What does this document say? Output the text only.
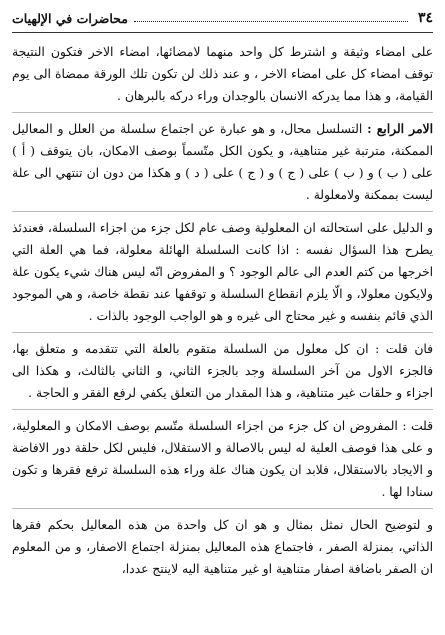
٣٤
محاضرات في الإلهيات

على امضاء وثيقة و اشترط كل واحد منهما لامضائها، امضاء الاخر فتكون النتيجة توقف امضاء كل على امضاء الاخر ، و عند ذلك لن تكون تلك الورقة ممضاة الى يوم القيامة، و هذا مما يدركه الانسان بالوجدان وراء دركه بالبرهان .

الامر الرابع : التسلسل محال، و هو عبارة عن اجتماع سلسلة من العلل و المعاليل الممكنة، مترتبة غير متناهية، و يكون الكل متّسماً بوصف الامكان، بان يتوقف ( أ ) على ( ب ) و ( ب ) على ( ج ) و ( ج ) على ( د ) و هكذا من دون ان تنتهي الى علة ليست بممكنة ولامعلولة .

و الدليل على استحالته ان المعلولية وصف عام لكل جزء من اجزاء السلسلة، فعندئذ يطرح هذا السؤال نفسه : اذا كانت السلسلة الهائلة معلولة، فما هي العلة التي اخرجها من كتم العدم الى عالم الوجود ؟ و المفروض انّه ليس هناك شيء يكون علة ولايكون معلولا، و الّا يلزم انقطاع السلسلة و توقفها عند نقطة خاصة، و هي الموجود الذي قائم بنفسه و غير محتاج الى غيره و هو الواجب الوجود بالذات .

فان قلت : ان كل معلول من السلسلة متقوم بالعلة التي تتقدمه و متعلق بها، فالجزء الاول من آخر السلسلة وجد بالجزء الثاني، و الثاني بالثالث، و هكذا الى اجزاء و حلقات غير متناهية، و هذا المقدار من التعلق يكفي لرفع الفقر و الحاجة .

قلت : المفروض ان كل جزء من اجزاء السلسلة متّسم بوصف الامكان و المعلولية، و على هذا فوصف العلية له ليس بالاصالة و الاستقلال، فليس لكل حلقة دور الافاضة و الايجاد بالاستقلال، فلابد ان يكون هناك علة وراء هذه السلسلة ترفع فقرها و تكون سنادا لها .

و لتوضيح الحال نمثل بمثال و هو ان كل واحدة من هذه المعاليل بحكم فقرها الذاتي، بمنزلة الصفر ، فاجتماع هذه المعاليل بمنزلة اجتماع الاصفار، و من المعلوم ان الصفر باضافة اصفار متناهية او غير متناهية اليه لاينتج عددا،
